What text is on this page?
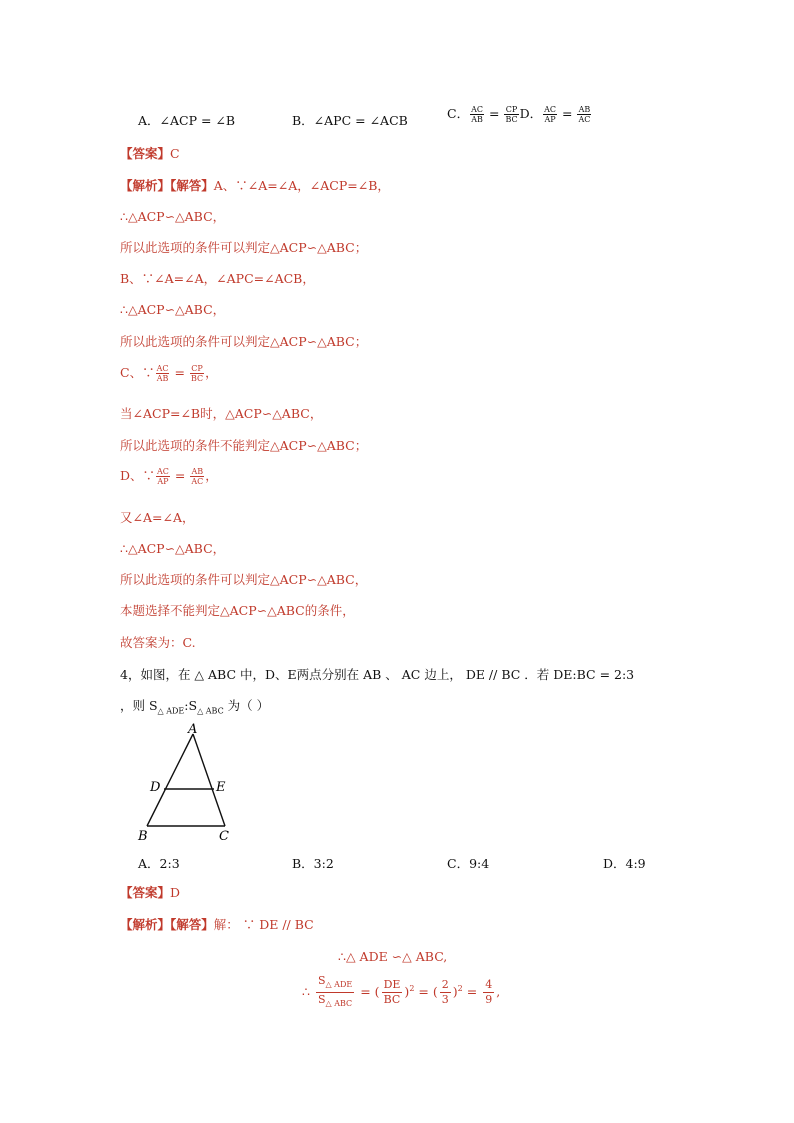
A．∠ACP = ∠B	B．∠APC = ∠ACB	C． $\frac{AC}{AB} = \frac{CP}{BC}$ D． $\frac{AC}{AP} = \frac{AB}{AC}$
【答案】C
【解析】【解答】A、∵∠A=∠A，∠ACP=∠B，
∴△ACP∽△ABC，
所以此选项的条件可以判定△ACP∽△ABC；
B、∵∠A=∠A，∠APC=∠ACB，
∴△ACP∽△ABC，
所以此选项的条件可以判定△ACP∽△ABC；
C、∵ $\frac{AC}{AB} = \frac{CP}{BC}$ ，
当∠ACP=∠B时，△ACP∽△ABC，
所以此选项的条件不能判定△ACP∽△ABC；
D、∵ $\frac{AC}{AP} = \frac{AB}{AC}$ ，
又∠A=∠A，
∴△ACP∽△ABC，
所以此选项的条件可以判定△ACP∽△ABC，
本题选择不能判定△ACP∽△ABC的条件，
故答案为：C.
4，如图，在 △ ABC 中，D、E两点分别在 AB 、 AC 边上， DE // BC ．若 DE:BC = 2:3
，则 $S_{\triangle ADE}:S_{\triangle ABC}$ 为（ ）
A
D	E
B	C
A．2:3	B．3:2	C．9:4	D．4:9
【答案】D
【解析】【解答】解： ∵ DE // BC
∴△ ADE ∽△ ABC,
∴ $\frac{S_{\triangle ADE}}{S_{\triangle ABC}}$ = ( $\frac{DE}{BC} )^2$ = ( $\frac{2}{3} )^2 = \frac{4}{9}$ ,
